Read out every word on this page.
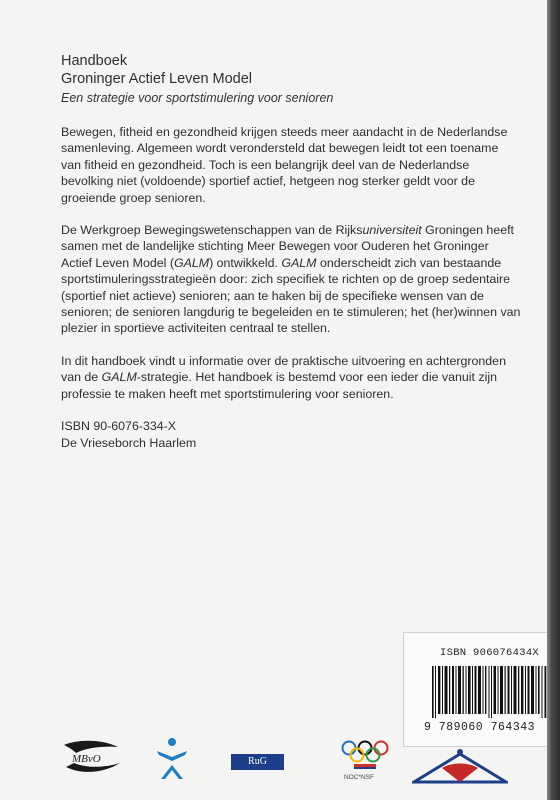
Handboek
Groninger Actief Leven Model
Een strategie voor sportstimulering voor senioren

Bewegen, fitheid en gezondheid krijgen steeds meer aandacht in de Nederlandse samenleving. Algemeen wordt verondersteld dat bewegen leidt tot een toename van fitheid en gezondheid. Toch is een belangrijk deel van de Nederlandse bevolking niet (voldoende) sportief actief, hetgeen nog sterker geldt voor de groeiende groep senioren.

De Werkgroep Bewegingswetenschappen van de Rijksuniversiteit Groningen heeft samen met de landelijke stichting Meer Bewegen voor Ouderen het Groninger Actief Leven Model (GALM) ontwikkeld. GALM onderscheidt zich van bestaande sportstimuleringsstrategieën door: zich specifiek te richten op de groep sedentaire (sportief niet actieve) senioren; aan te haken bij de specifieke wensen van de senioren; de senioren langdurig te begeleiden en te stimuleren; het (her)winnen van plezier in sportieve activiteiten centraal te stellen.

In dit handboek vindt u informatie over de praktische uitvoering en achtergronden van de GALM-strategie. Het handboek is bestemd voor een ieder die vanuit zijn professie te maken heeft met sportstimulering voor senioren.

ISBN 90-6076-334-X
De Vrieseborch Haarlem
ISBN 906076434X
9 789060 764343
MBvO	RuG
NOC*NSF
